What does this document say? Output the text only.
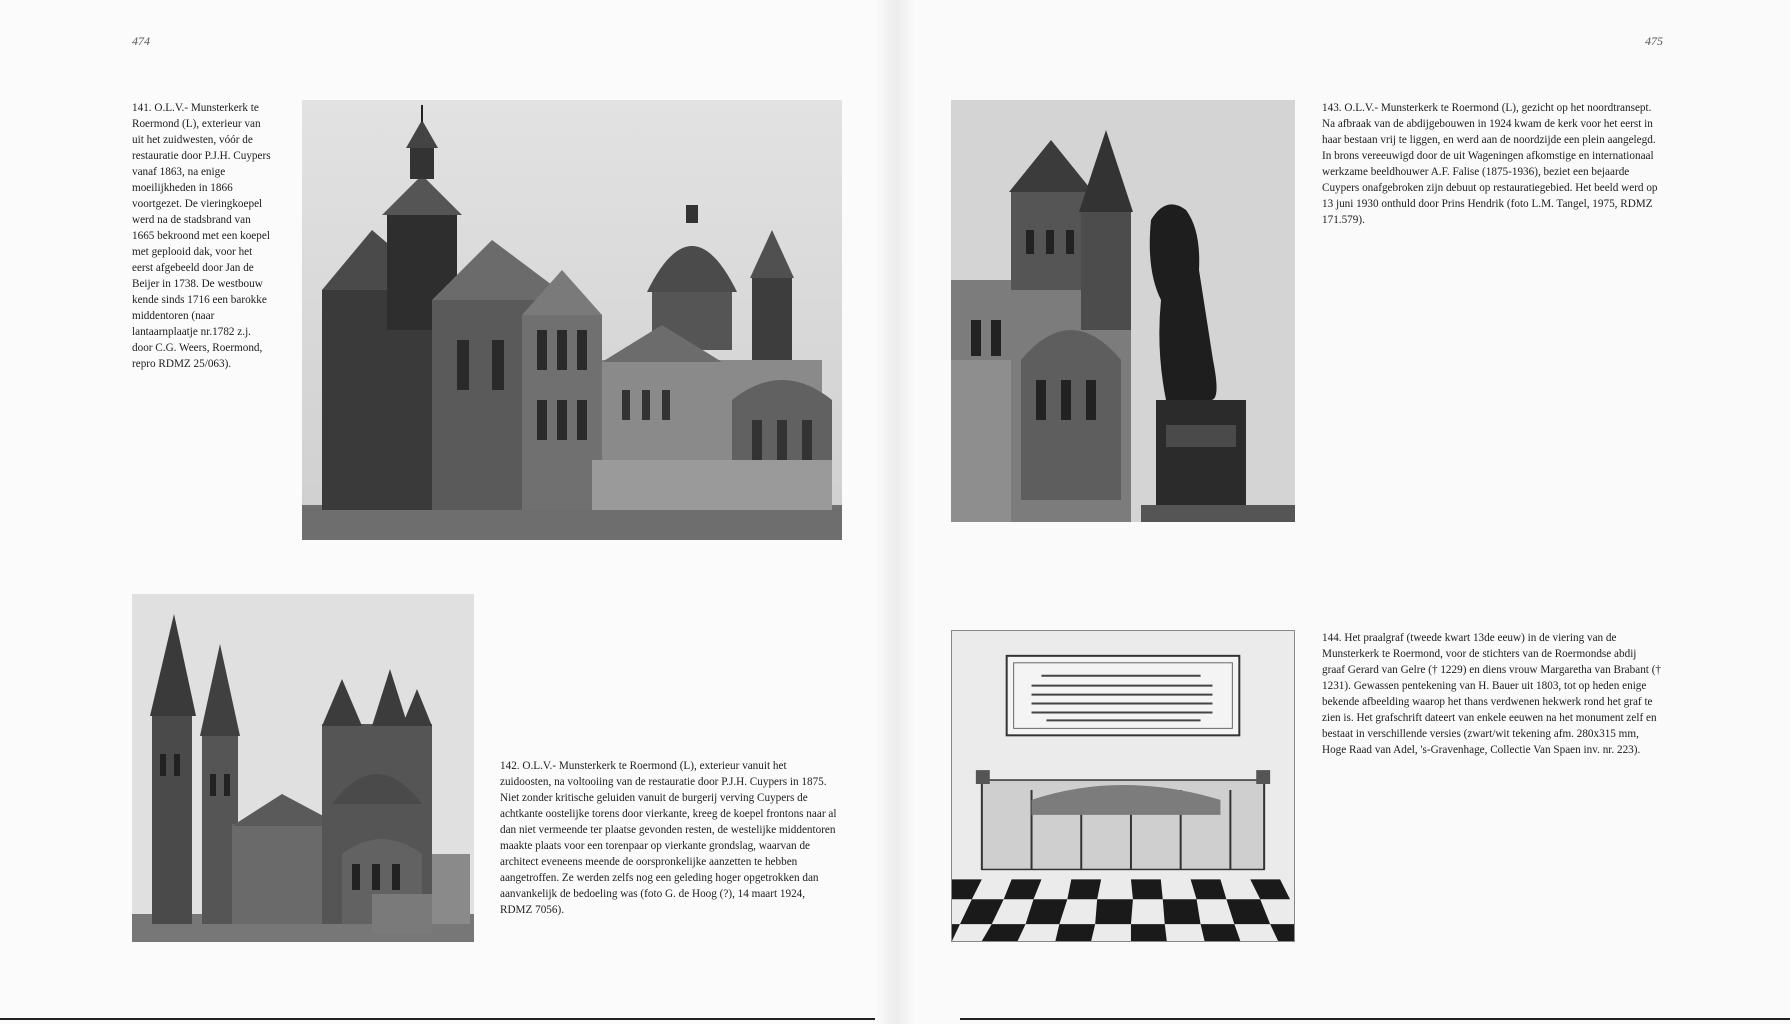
474
141. O.L.V.- Munsterkerk te Roermond (L), exterieur van uit het zuidwesten, vóór de restauratie door P.J.H. Cuypers vanaf 1863, na enige moeilijkheden in 1866 voortgezet. De vieringkoepel werd na de stadsbrand van 1665 bekroond met een koepel met geplooid dak, voor het eerst afgebeeld door Jan de Beijer in 1738. De westbouw kende sinds 1716 een barokke middentoren (naar lantaarnplaatje nr.1782 z.j. door C.G. Weers, Roermond, repro RDMZ 25/063).
142. O.L.V.- Munsterkerk te Roermond (L), exterieur vanuit het zuidoosten, na voltooiing van de restauratie door P.J.H. Cuypers in 1875. Niet zonder kritische geluiden vanuit de burgerij verving Cuypers de achtkante oostelijke torens door vierkante, kreeg de koepel frontons naar al dan niet vermeende ter plaatse gevonden resten, de westelijke middentoren maakte plaats voor een torenpaar op vierkante grondslag, waarvan de architect eveneens meende de oorspronkelijke aanzetten te hebben aangetroffen. Ze werden zelfs nog een geleding hoger opgetrokken dan aanvankelijk de bedoeling was (foto G. de Hoog (?), 14 maart 1924, RDMZ 7056).
475
143. O.L.V.- Munsterkerk te Roermond (L), gezicht op het noordtransept. Na afbraak van de abdijgebouwen in 1924 kwam de kerk voor het eerst in haar bestaan vrij te liggen, en werd aan de noordzijde een plein aangelegd. In brons vereeuwigd door de uit Wageningen afkomstige en internationaal werkzame beeldhouwer A.F. Falise (1875-1936), beziet een bejaarde Cuypers onafgebroken zijn debuut op restauratiegebied. Het beeld werd op 13 juni 1930 onthuld door Prins Hendrik (foto L.M. Tangel, 1975, RDMZ 171.579).
144. Het praalgraf (tweede kwart 13de eeuw) in de viering van de Munsterkerk te Roermond, voor de stichters van de Roermondse abdij graaf Gerard van Gelre († 1229) en diens vrouw Margaretha van Brabant († 1231). Gewassen pentekening van H. Bauer uit 1803, tot op heden enige bekende afbeelding waarop het thans verdwenen hekwerk rond het graf te zien is. Het grafschrift dateert van enkele eeuwen na het monument zelf en bestaat in verschillende versies (zwart/wit tekening afm. 280x315 mm, Hoge Raad van Adel, 's-Gravenhage, Collectie Van Spaen inv. nr. 223).
